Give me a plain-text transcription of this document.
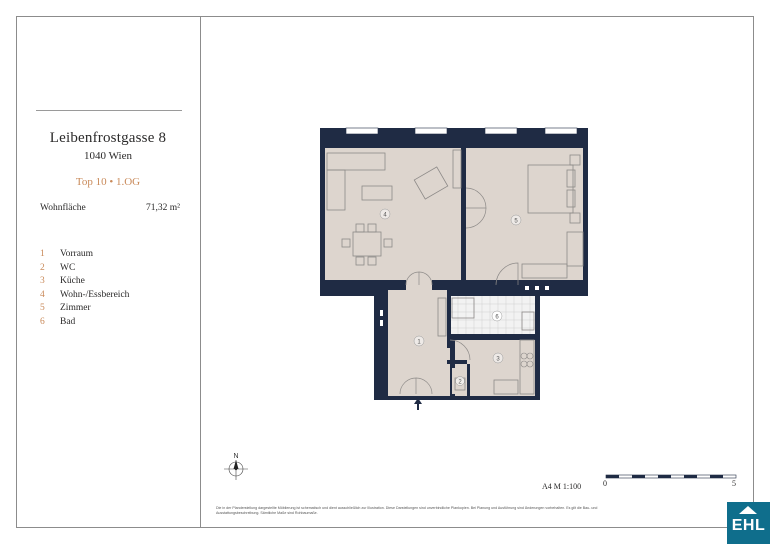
Leibenfrostgasse 8
1040 Wien
Top 10 • 1.OG
Wohnfläche	71,32 m²
1 Vorraum
2 WC
3 Küche
4 Wohn-/Essbereich
5 Zimmer
6 Bad
4
5
1
6
3
2
N
A4 M 1:100	0	5
Die in der Planderstellung dargestellte Möblierung ist schematisch und dient ausschließlich zur Illustration. Diese Darstellungen sind unverbindliche Plankopien. Bei Planung und Ausführung sind Änderungen vorbehalten. Es gilt die Bau- und Ausstattungsbeschreibung. Sämtliche Maße sind Rohbaumaße.
EHL
